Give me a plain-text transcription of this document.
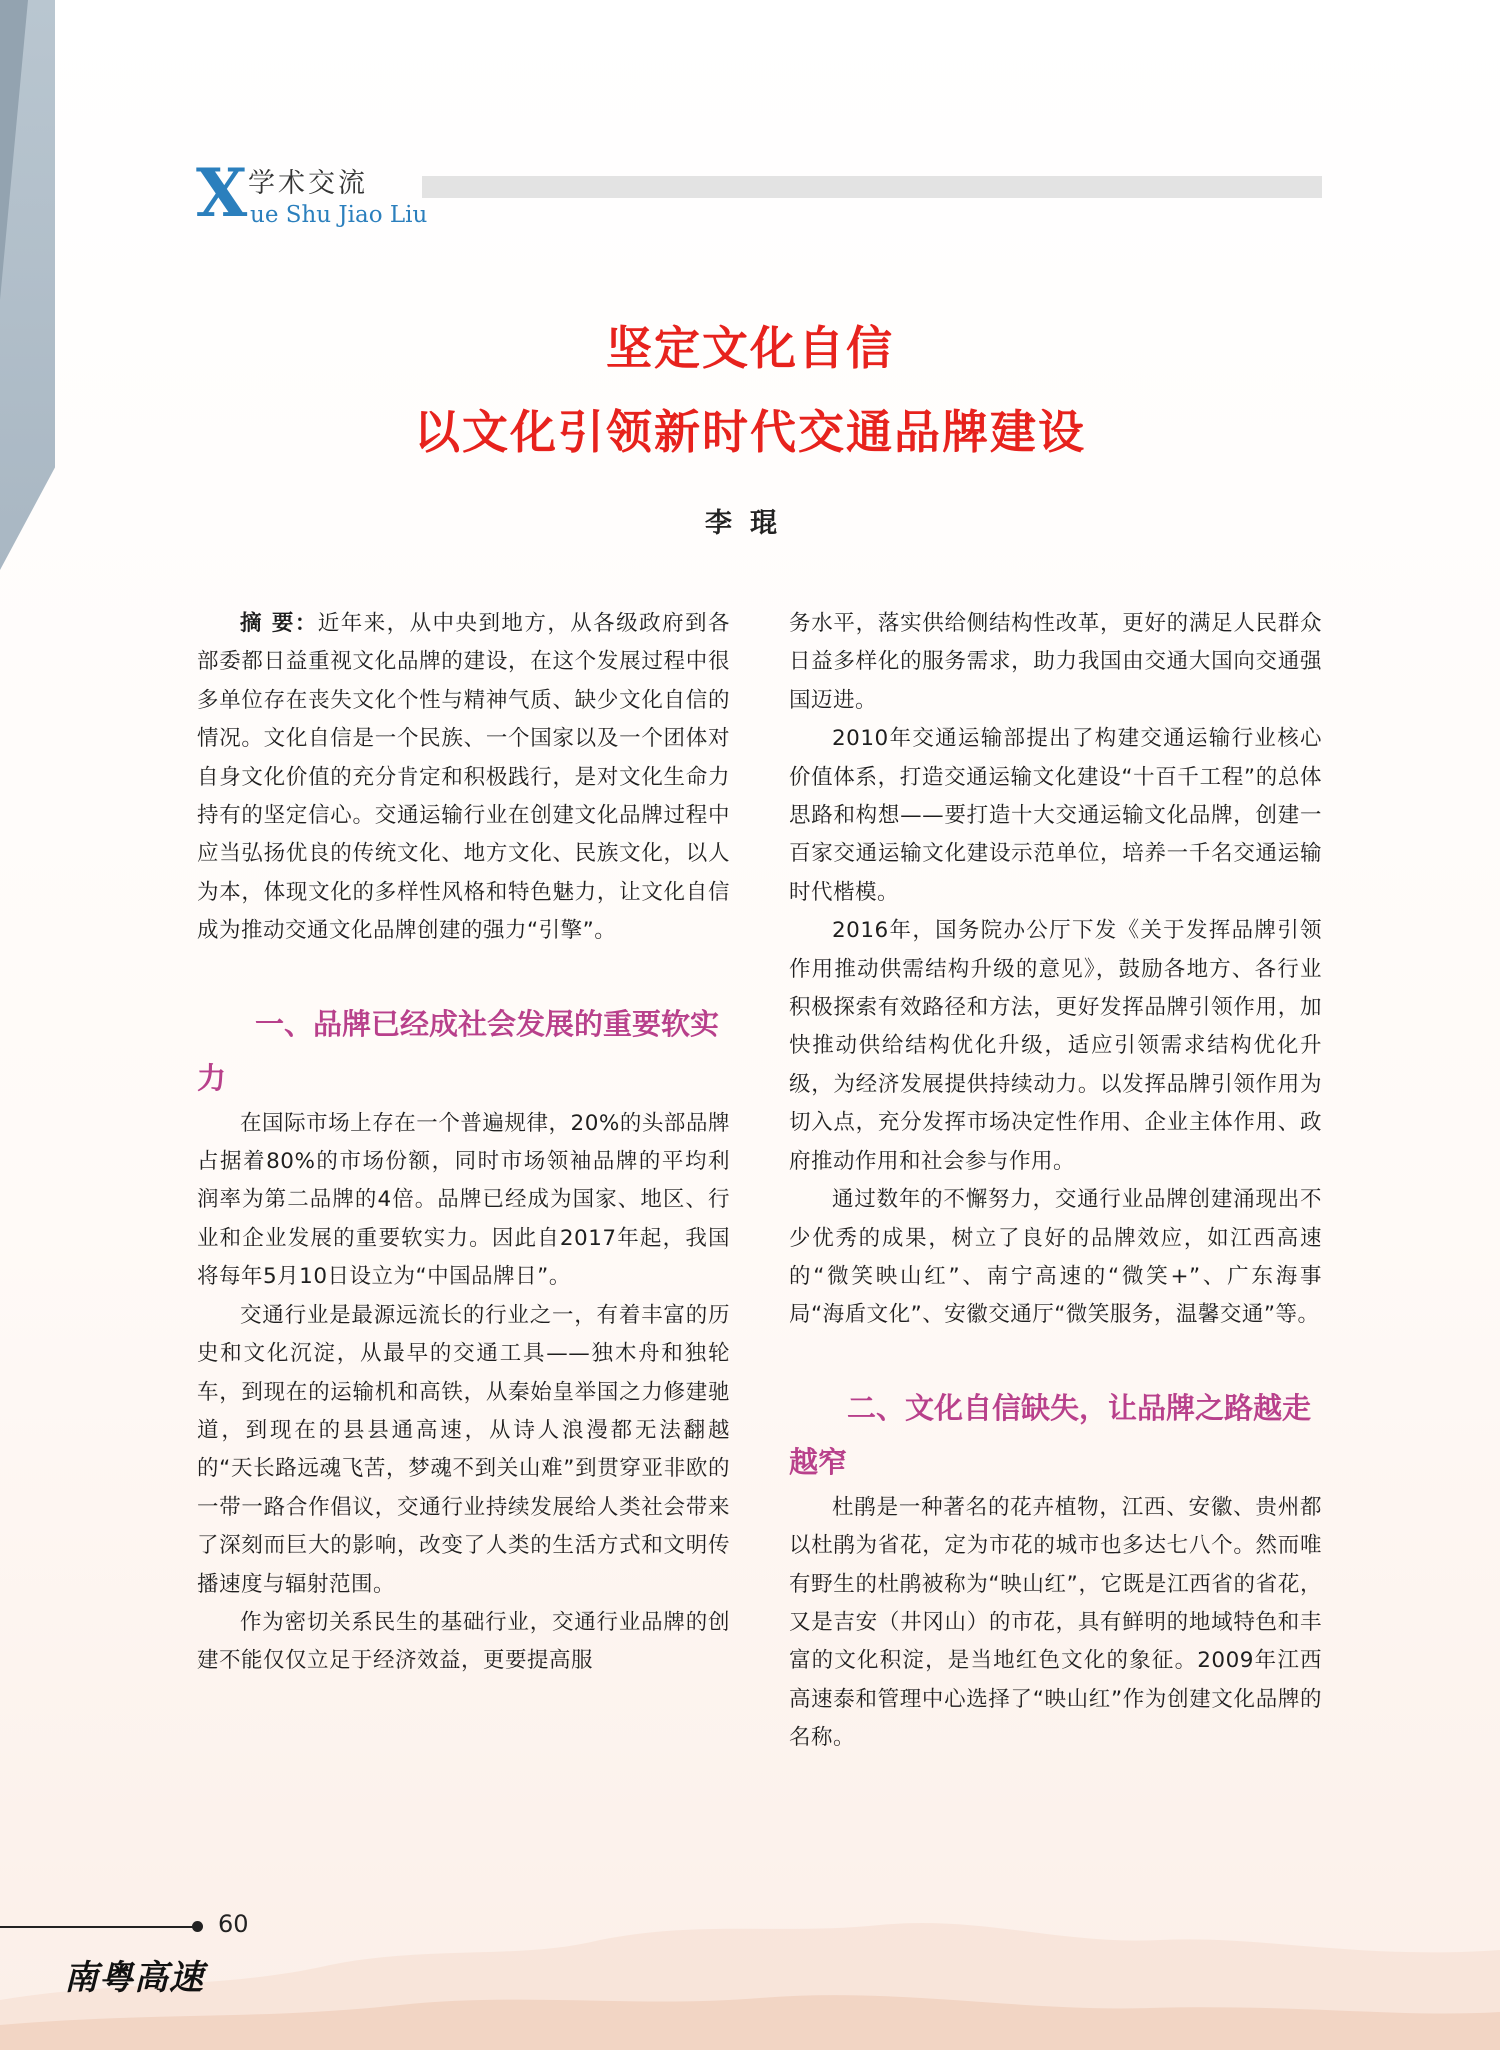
X 学术交流
ue Shu Jiao Liu
坚定文化自信
以文化引领新时代交通品牌建设
李琨

摘 要：近年来，从中央到地方，从各级政府到各部委都日益重视文化品牌的建设，在这个发展过程中很多单位存在丧失文化个性与精神气质、缺少文化自信的情况。文化自信是一个民族、一个国家以及一个团体对自身文化价值的充分肯定和积极践行，是对文化生命力持有的坚定信心。交通运输行业在创建文化品牌过程中应当弘扬优良的传统文化、地方文化、民族文化，以人为本，体现文化的多样性风格和特色魅力，让文化自信成为推动交通文化品牌创建的强力“引擎”。

一、品牌已经成社会发展的重要软实力

在国际市场上存在一个普遍规律，20%的头部品牌占据着80%的市场份额，同时市场领袖品牌的平均利润率为第二品牌的4倍。品牌已经成为国家、地区、行业和企业发展的重要软实力。因此自2017年起，我国将每年5月10日设立为“中国品牌日”。

交通行业是最源远流长的行业之一，有着丰富的历史和文化沉淀，从最早的交通工具——独木舟和独轮车，到现在的运输机和高铁，从秦始皇举国之力修建驰道，到现在的县县通高速，从诗人浪漫都无法翻越的“天长路远魂飞苦，梦魂不到关山难”到贯穿亚非欧的一带一路合作倡议，交通行业持续发展给人类社会带来了深刻而巨大的影响，改变了人类的生活方式和文明传播速度与辐射范围。

作为密切关系民生的基础行业，交通行业品牌的创建不能仅仅立足于经济效益，更要提高服

务水平，落实供给侧结构性改革，更好的满足人民群众日益多样化的服务需求，助力我国由交通大国向交通强国迈进。

2010年交通运输部提出了构建交通运输行业核心价值体系，打造交通运输文化建设“十百千工程”的总体思路和构想——要打造十大交通运输文化品牌，创建一百家交通运输文化建设示范单位，培养一千名交通运输时代楷模。

2016年，国务院办公厅下发《关于发挥品牌引领作用推动供需结构升级的意见》，鼓励各地方、各行业积极探索有效路径和方法，更好发挥品牌引领作用，加快推动供给结构优化升级，适应引领需求结构优化升级，为经济发展提供持续动力。以发挥品牌引领作用为切入点，充分发挥市场决定性作用、企业主体作用、政府推动作用和社会参与作用。

通过数年的不懈努力，交通行业品牌创建涌现出不少优秀的成果，树立了良好的品牌效应，如江西高速的“微笑映山红”、南宁高速的“微笑+”、广东海事局“海盾文化”、安徽交通厅“微笑服务，温馨交通”等。

二、文化自信缺失，让品牌之路越走越窄

杜鹃是一种著名的花卉植物，江西、安徽、贵州都以杜鹃为省花，定为市花的城市也多达七八个。然而唯有野生的杜鹃被称为“映山红”，它既是江西省的省花，又是吉安（井冈山）的市花，具有鲜明的地域特色和丰富的文化积淀，是当地红色文化的象征。2009年江西高速泰和管理中心选择了“映山红”作为创建文化品牌的名称。

60
南粤高速
